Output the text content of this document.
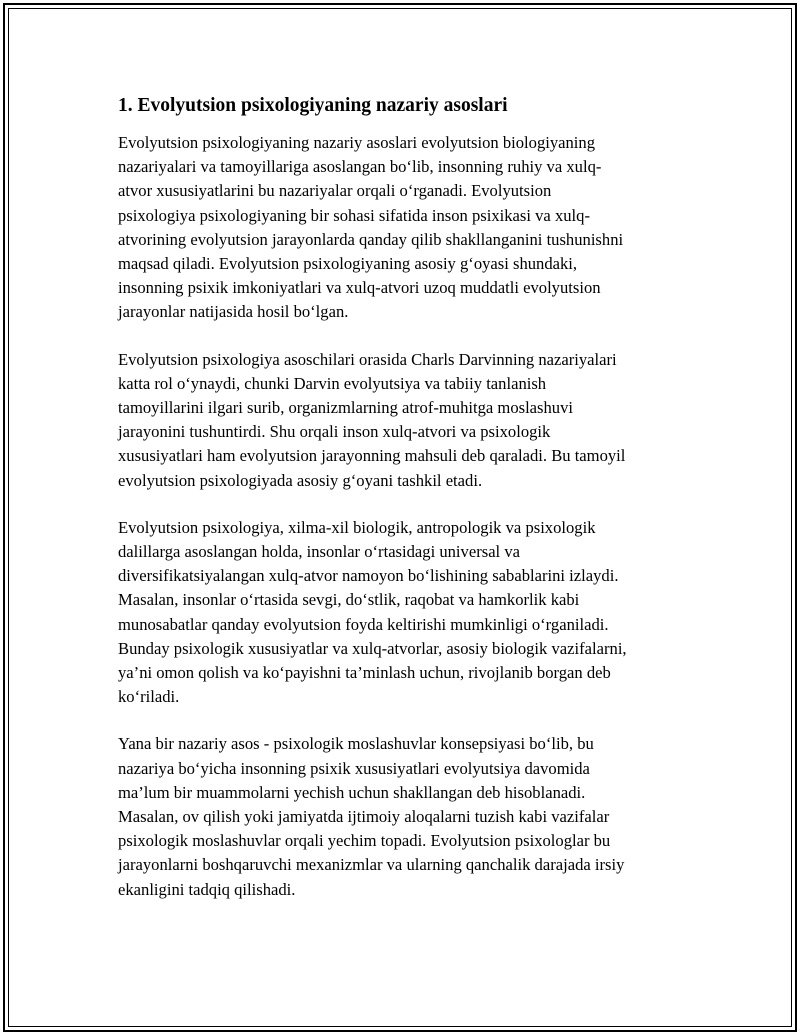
1. Evolyutsion psixologiyaning nazariy asoslari

Evolyutsion psixologiyaning nazariy asoslari evolyutsion biologiyaning
nazariyalari va tamoyillariga asoslangan bo‘lib, insonning ruhiy va xulq-
atvor xususiyatlarini bu nazariyalar orqali o‘rganadi. Evolyutsion
psixologiya psixologiyaning bir sohasi sifatida inson psixikasi va xulq-
atvorining evolyutsion jarayonlarda qanday qilib shakllanganini tushunishni
maqsad qiladi. Evolyutsion psixologiyaning asosiy g‘oyasi shundaki,
insonning psixik imkoniyatlari va xulq-atvori uzoq muddatli evolyutsion
jarayonlar natijasida hosil bo‘lgan.

Evolyutsion psixologiya asoschilari orasida Charls Darvinning nazariyalari
katta rol o‘ynaydi, chunki Darvin evolyutsiya va tabiiy tanlanish
tamoyillarini ilgari surib, organizmlarning atrof-muhitga moslashuvi
jarayonini tushuntirdi. Shu orqali inson xulq-atvori va psixologik
xususiyatlari ham evolyutsion jarayonning mahsuli deb qaraladi. Bu tamoyil
evolyutsion psixologiyada asosiy g‘oyani tashkil etadi.

Evolyutsion psixologiya, xilma-xil biologik, antropologik va psixologik
dalillarga asoslangan holda, insonlar o‘rtasidagi universal va
diversifikatsiyalangan xulq-atvor namoyon bo‘lishining sabablarini izlaydi.
Masalan, insonlar o‘rtasida sevgi, do‘stlik, raqobat va hamkorlik kabi
munosabatlar qanday evolyutsion foyda keltirishi mumkinligi o‘rganiladi.
Bunday psixologik xususiyatlar va xulq-atvorlar, asosiy biologik vazifalarni,
ya’ni omon qolish va ko‘payishni ta’minlash uchun, rivojlanib borgan deb
ko‘riladi.

Yana bir nazariy asos - psixologik moslashuvlar konsepsiyasi bo‘lib, bu
nazariya bo‘yicha insonning psixik xususiyatlari evolyutsiya davomida
ma’lum bir muammolarni yechish uchun shakllangan deb hisoblanadi.
Masalan, ov qilish yoki jamiyatda ijtimoiy aloqalarni tuzish kabi vazifalar
psixologik moslashuvlar orqali yechim topadi. Evolyutsion psixologlar bu
jarayonlarni boshqaruvchi mexanizmlar va ularning qanchalik darajada irsiy
ekanligini tadqiq qilishadi.
